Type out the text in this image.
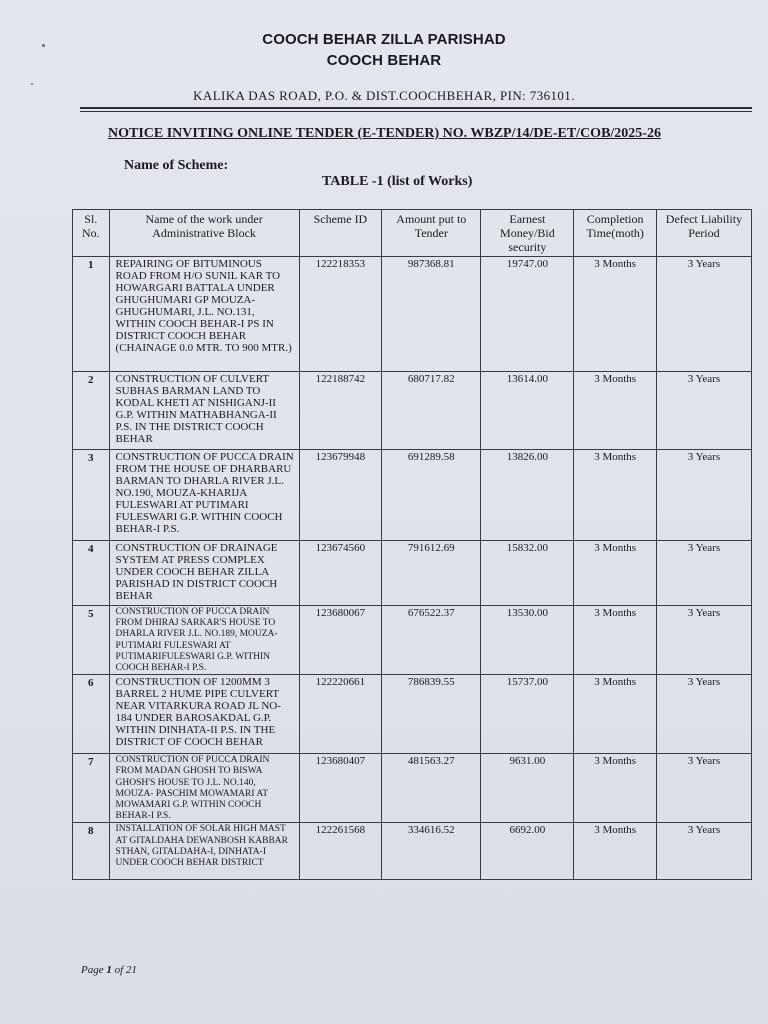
COOCH BEHAR ZILLA PARISHAD
COOCH BEHAR
KALIKA DAS ROAD, P.O. & DIST.COOCHBEHAR, PIN: 736101.
NOTICE INVITING ONLINE TENDER (E-TENDER) NO. WBZP/14/DE-ET/COB/2025-26
Name of Scheme:
TABLE -1 (list of Works)
Sl. No.	Name of the work under Administrative Block	Scheme ID	Amount put to Tender	Earnest Money/Bid security	Completion Time(moth)	Defect Liability Period
1	REPAIRING OF BITUMINOUS ROAD FROM H/O SUNIL KAR TO HOWARGARI BATTALA UNDER GHUGHUMARI GP MOUZA-GHUGHUMARI, J.L. NO.131, WITHIN COOCH BEHAR-I PS IN DISTRICT COOCH BEHAR (CHAINAGE 0.0 MTR. TO 900 MTR.)	122218353	987368.81	19747.00	3 Months	3 Years
2	CONSTRUCTION OF CULVERT SUBHAS BARMAN LAND TO KODAL KHETI AT NISHIGANJ-II G.P. WITHIN MATHABHANGA-II P.S. IN THE DISTRICT COOCH BEHAR	122188742	680717.82	13614.00	3 Months	3 Years
3	CONSTRUCTION OF PUCCA DRAIN FROM THE HOUSE OF DHARBARU BARMAN TO DHARLA RIVER J.L. NO.190, MOUZA-KHARIJA FULESWARI AT PUTIMARI FULESWARI G.P. WITHIN COOCH BEHAR-I P.S.	123679948	691289.58	13826.00	3 Months	3 Years
4	CONSTRUCTION OF DRAINAGE SYSTEM AT PRESS COMPLEX UNDER COOCH BEHAR ZILLA PARISHAD IN DISTRICT COOCH BEHAR	123674560	791612.69	15832.00	3 Months	3 Years
5	CONSTRUCTION OF PUCCA DRAIN FROM DHIRAJ SARKAR'S HOUSE TO DHARLA RIVER J.L. NO.189, MOUZA-PUTIMARI FULESWARI AT PUTIMARIFULESWARI G.P. WITHIN COOCH BEHAR-I P.S.	123680067	676522.37	13530.00	3 Months	3 Years
6	CONSTRUCTION OF 1200MM 3 BARREL 2 HUME PIPE CULVERT NEAR VITARKURA ROAD JL NO-184 UNDER BAROSAKDAL G.P. WITHIN DINHATA-II P.S. IN THE DISTRICT OF COOCH BEHAR	122220661	786839.55	15737.00	3 Months	3 Years
7	CONSTRUCTION OF PUCCA DRAIN FROM MADAN GHOSH TO BISWA GHOSH'S HOUSE TO J.L. NO.140, MOUZA- PASCHIM MOWAMARI AT MOWAMARI G.P. WITHIN COOCH BEHAR-I P.S.	123680407	481563.27	9631.00	3 Months	3 Years
8	INSTALLATION OF SOLAR HIGH MAST AT GITALDAHA DEWANBOSH KABBAR STHAN, GITALDAHA-I, DINHATA-I UNDER COOCH BEHAR DISTRICT	122261568	334616.52	6692.00	3 Months	3 Years
Page 1 of 21
